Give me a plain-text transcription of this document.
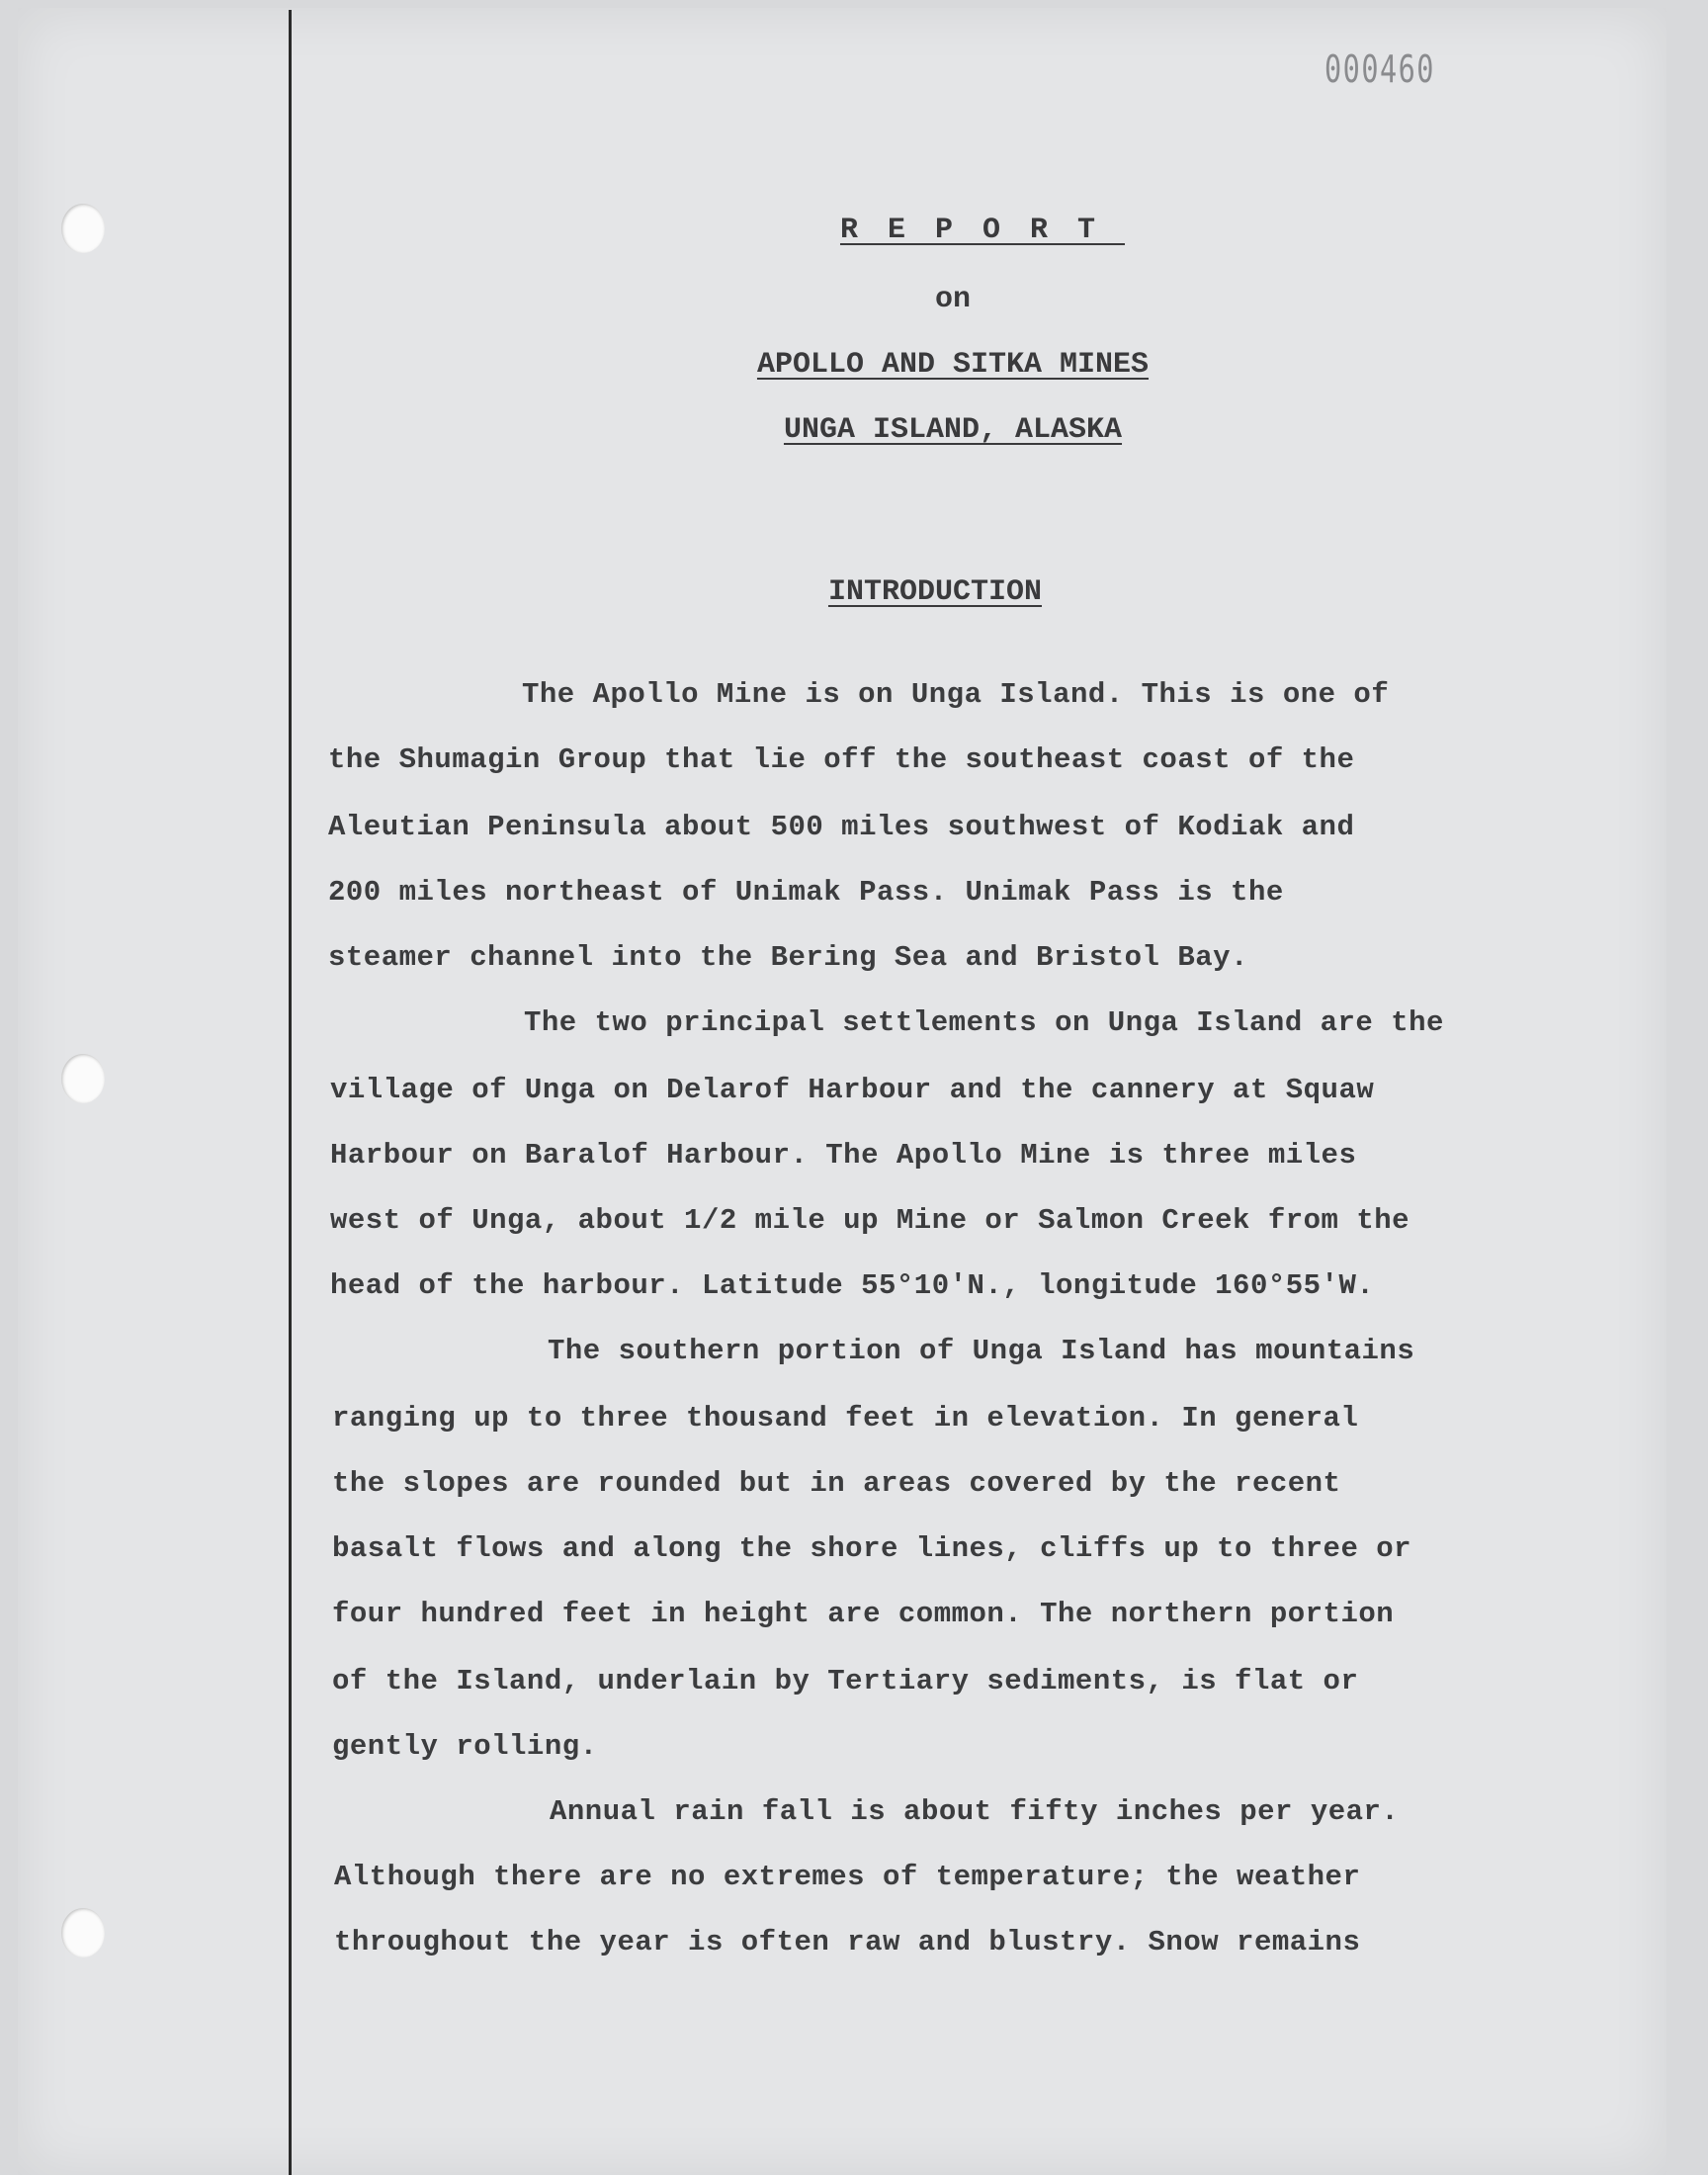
000460
REPORT
on
APOLLO AND SITKA MINES
UNGA ISLAND, ALASKA
INTRODUCTION
The Apollo Mine is on Unga Island. This is one of
the Shumagin Group that lie off the southeast coast of the
Aleutian Peninsula about 500 miles southwest of Kodiak and
200 miles northeast of Unimak Pass. Unimak Pass is the
steamer channel into the Bering Sea and Bristol Bay.
The two principal settlements on Unga Island are the
village of Unga on Delarof Harbour and the cannery at Squaw
Harbour on Baralof Harbour. The Apollo Mine is three miles
west of Unga, about 1/2 mile up Mine or Salmon Creek from the
head of the harbour. Latitude 55°10'N., longitude 160°55'W.
The southern portion of Unga Island has mountains
ranging up to three thousand feet in elevation. In general
the slopes are rounded but in areas covered by the recent
basalt flows and along the shore lines, cliffs up to three or
four hundred feet in height are common. The northern portion
of the Island, underlain by Tertiary sediments, is flat or
gently rolling.
Annual rain fall is about fifty inches per year.
Although there are no extremes of temperature; the weather
throughout the year is often raw and blustry. Snow remains
